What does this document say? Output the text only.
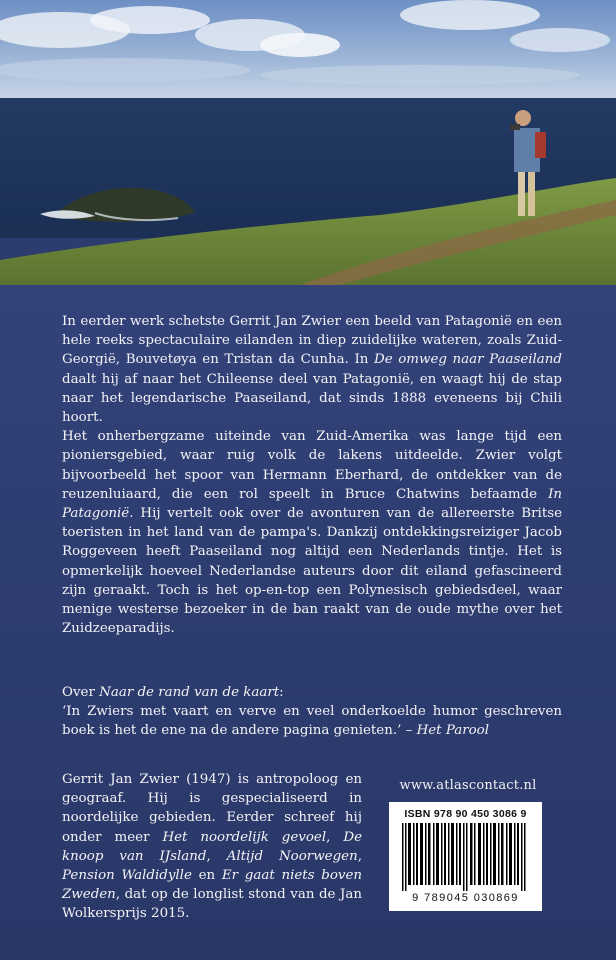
In eerder werk schetste Gerrit Jan Zwier een beeld van Patagonië en een hele reeks spectaculaire eilanden in diep zuidelijke wateren, zoals Zuid-Georgië, Bouvetøya en Tristan da Cunha. In De omweg naar Paaseiland daalt hij af naar het Chileense deel van Patagonië, en waagt hij de stap naar het legendarische Paaseiland, dat sinds 1888 eveneens bij Chili hoort.

Het onherbergzame uiteinde van Zuid-Amerika was lange tijd een pioniersgebied, waar ruig volk de lakens uitdeelde. Zwier volgt bijvoorbeeld het spoor van Hermann Eberhard, de ontdekker van de reuzenluiaard, die een rol speelt in Bruce Chatwins befaamde In Patagonië. Hij vertelt ook over de avonturen van de allereerste Britse toeristen in het land van de pampa's. Dankzij ontdekkingsreiziger Jacob Roggeveen heeft Paaseiland nog altijd een Nederlands tintje. Het is opmerkelijk hoeveel Nederlandse auteurs door dit eiland gefascineerd zijn geraakt. Toch is het op-en-top een Polynesisch gebiedsdeel, waar menige westerse bezoeker in de ban raakt van de oude mythe over het Zuidzeeparadijs.

Over Naar de rand van de kaart:

‘In Zwiers met vaart en verve en veel onderkoelde humor geschreven boek is het de ene na de andere pagina genieten.’ – Het Parool

Gerrit Jan Zwier (1947) is antropoloog en geograaf. Hij is gespecialiseerd in noordelijke gebieden. Eerder schreef hij onder meer Het noordelijk gevoel, De knoop van IJsland, Altijd Noorwegen, Pension Waldidylle en Er gaat niets boven Zweden, dat op de longlist stond van de Jan Wolkersprijs 2015.

www.atlascontact.nl
ISBN 978 90 450 3086 9
9 789045 030869
